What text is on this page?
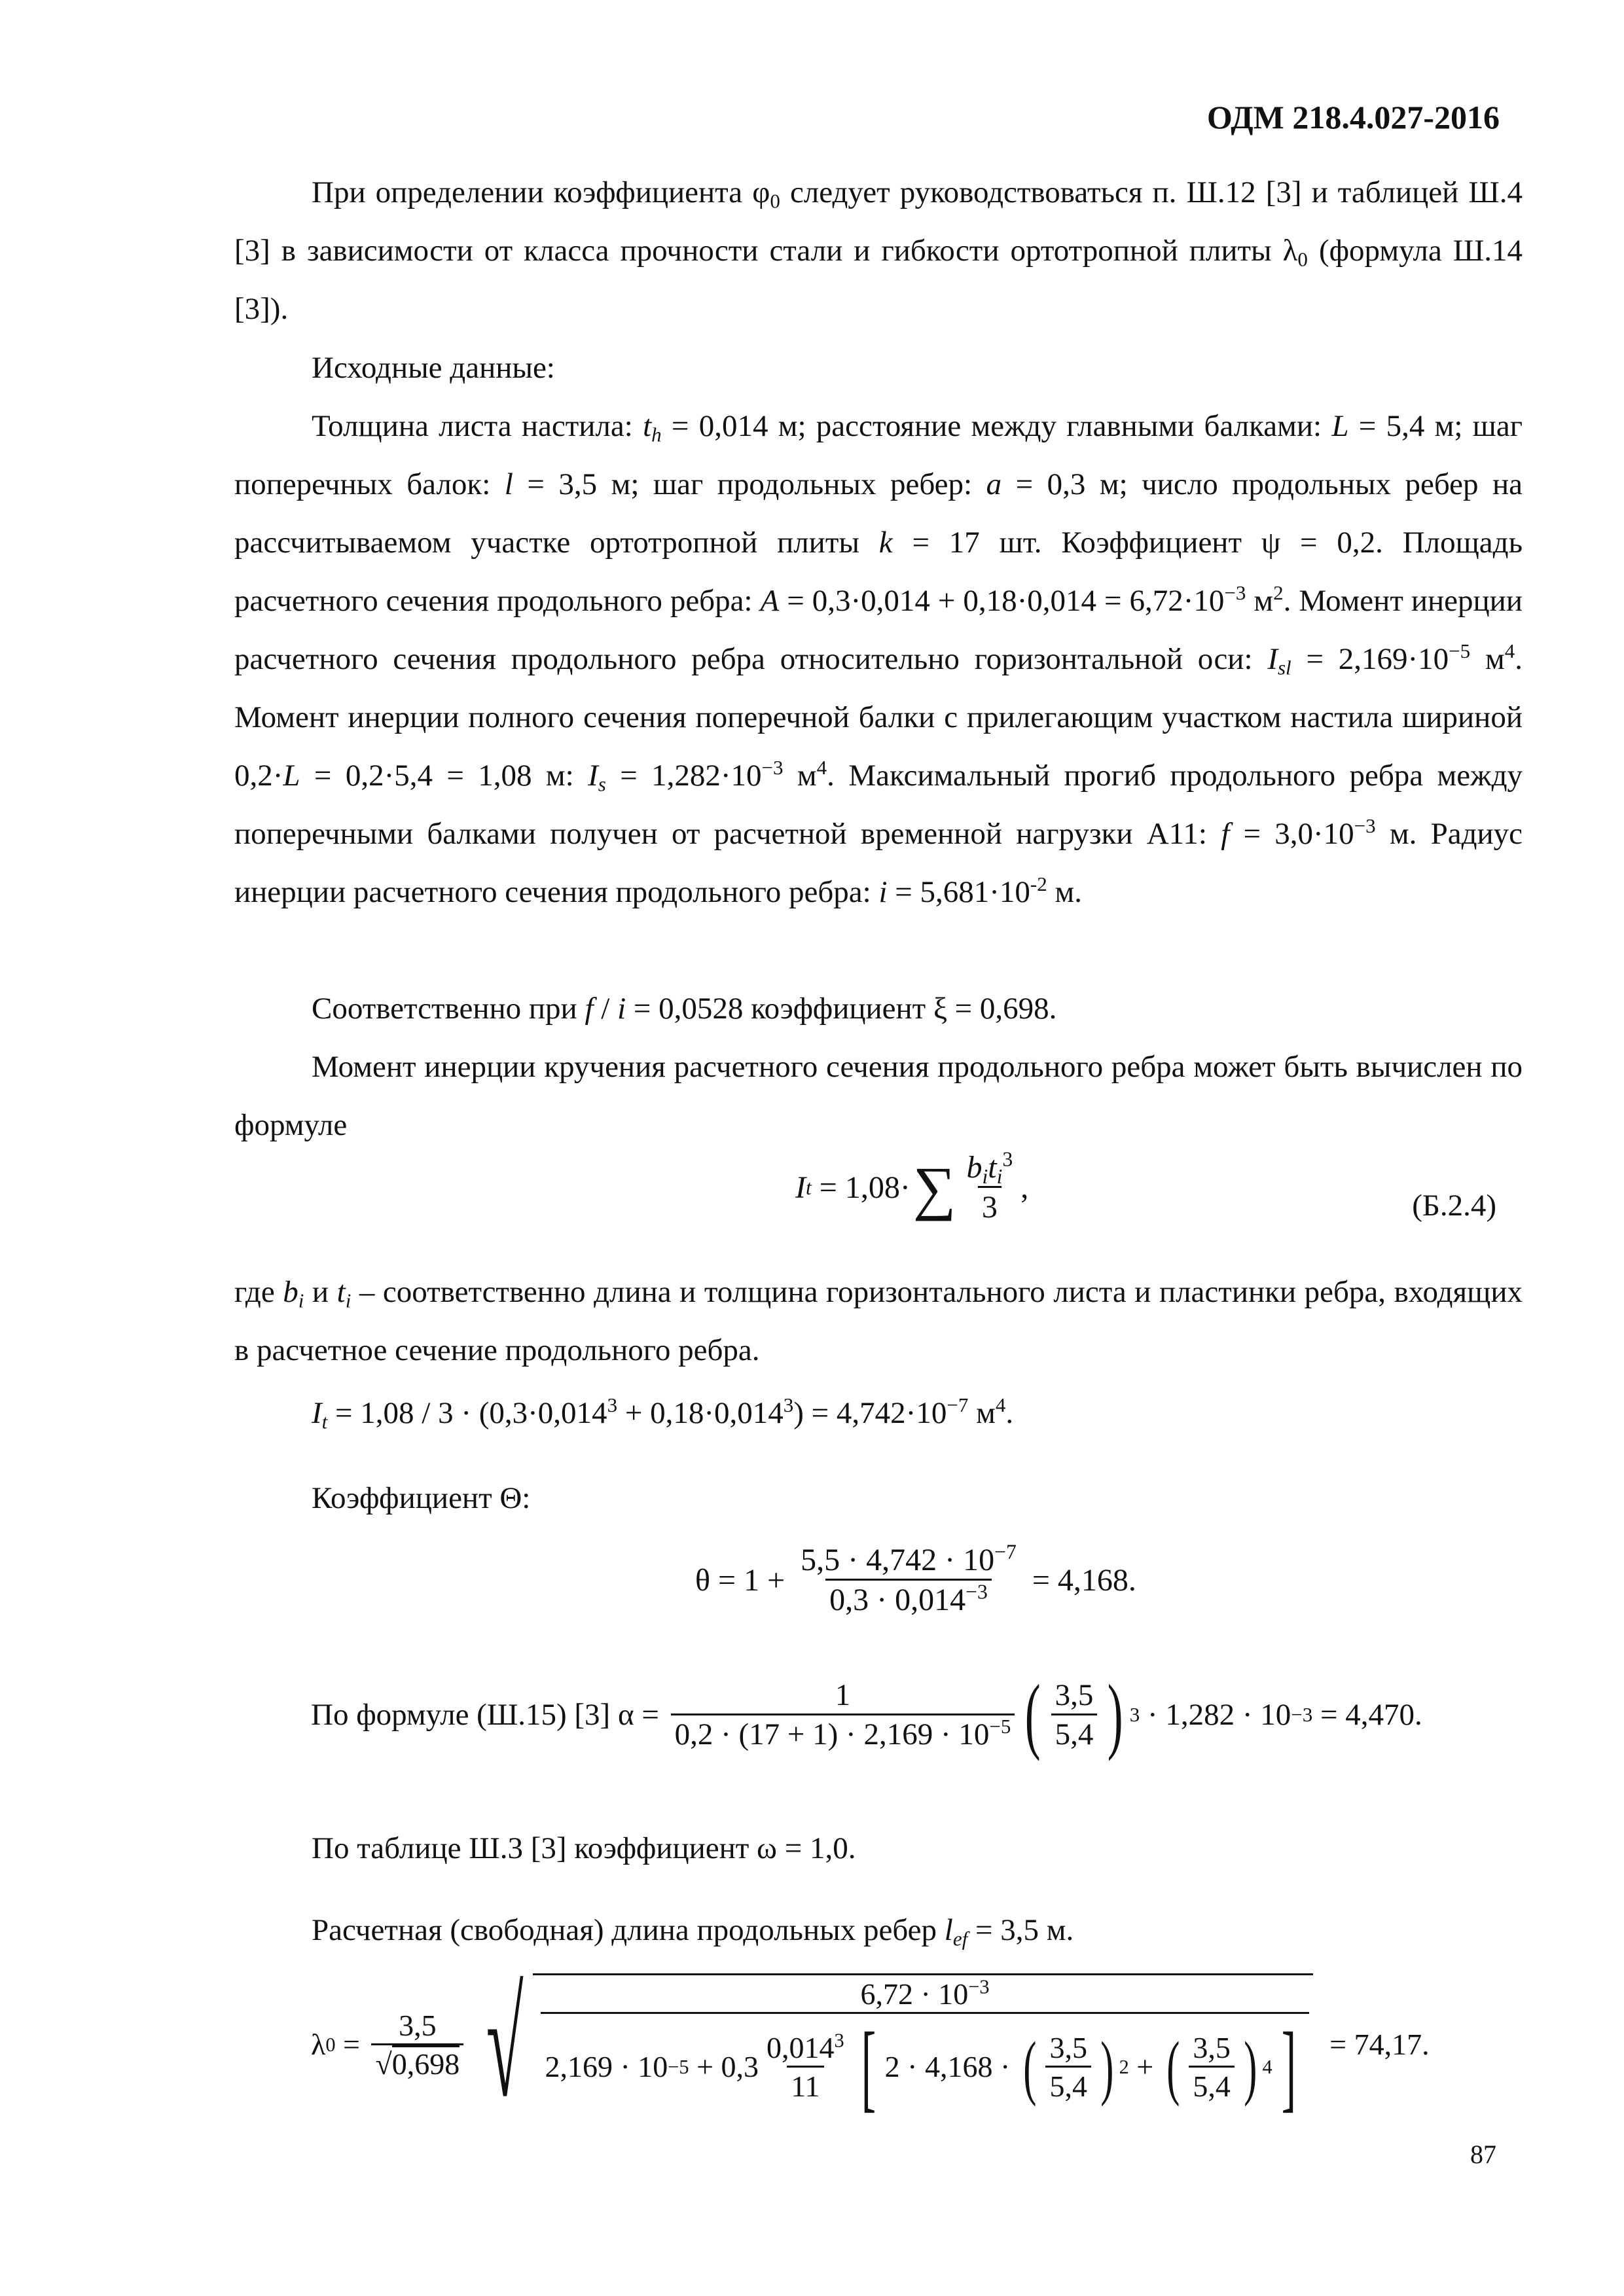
ОДМ 218.4.027-2016

При определении коэффициента $\varphi_0$ следует руководствоваться п. Ш.12 [3] и таблицей Ш.4 [3] в зависимости от класса прочности стали и гибкости ортотропной плиты $\lambda_0$ (формула Ш.14 [3]).

Исходные данные:

Толщина листа настила: $t_h = 0,014$ м; расстояние между главными балками: L = 5,4 м; шаг поперечных балок: l = 3,5 м; шаг продольных ребер: a = 0,3 м; число продольных ребер на рассчитываемом участке ортотропной плиты k = 17 шт. Коэффициент ψ = 0,2. Площадь расчетного сечения продольного ребра: $A = 0,3\cdot 0,014 + 0,18\cdot 0,014 = 6,72\cdot 10^{-3}$ $м^2$. Момент инерции расчетного сечения продольного ребра относительно горизонтальной оси: $I_{sl} = 2,169\cdot 10^{-5}$ $м^4$. Момент инерции полного сечения поперечной балки с прилегающим участком настила шириной 0,2·L = 0,2·5,4 = 1,08 м: $I_s = 1,282\cdot 10^{-3}$ $м^4$. Максимальный прогиб продольного ребра между поперечными балками получен от расчетной временной нагрузки А11: $f = 3,0\cdot 10^{-3}$ м. Радиус инерции расчетного сечения продольного ребра: $i = 5,681\cdot 10^{-2}$ м.

Соответственно при f / i = 0,0528 коэффициент ξ = 0,698.

Момент инерции кручения расчетного сечения продольного ребра может быть вычислен по формуле

I t = 1,08· ∑ $\frac{b_it_i^3}{3}$ ,
(Б.2.4)

где $b_i$ и $t_i$ – соответственно длина и толщина горизонтального листа и пластинки ребра, входящих в расчетное сечение продольного ребра.

$I_t = 1,08 / 3 \cdot (0,3\cdot 0,014^3 + 0,18\cdot 0,014^3) = 4,742\cdot 10^{-7}$ $м^4$.

Коэффициент Θ:

$\theta = 1 + \frac{5,5 \cdot 4,742 \cdot 10^{-7}}{0,3 \cdot 0,014^{-3}} = 4,168$.
По формуле (Ш.15) [3] $\alpha = \frac{1}{0,2 \cdot (17 + 1) \cdot 2,169 \cdot 10^{-5}}$ ( $\frac{3,5}{5,4}$ ) 3 · 1,282 · 10 −3 = 4,470.

По таблице Ш.3 [3] коэффициент ω = 1,0.

Расчетная (свободная) длина продольных ребер $l_{ef} = 3,5$ м.

λ $0 = \frac{3,5}{√0,698}$ √	$6,72 \cdot 10^{-3}$
$2,169 \cdot 10 -5 + 0,3 \frac{0,014^3}{11}$ [ 2 · 4,168 · ( $\frac{3,5}{5,4}$ ) 2 + ( $\frac{3,5}{5,4}$ ) 4 ] = 74,17.
87
